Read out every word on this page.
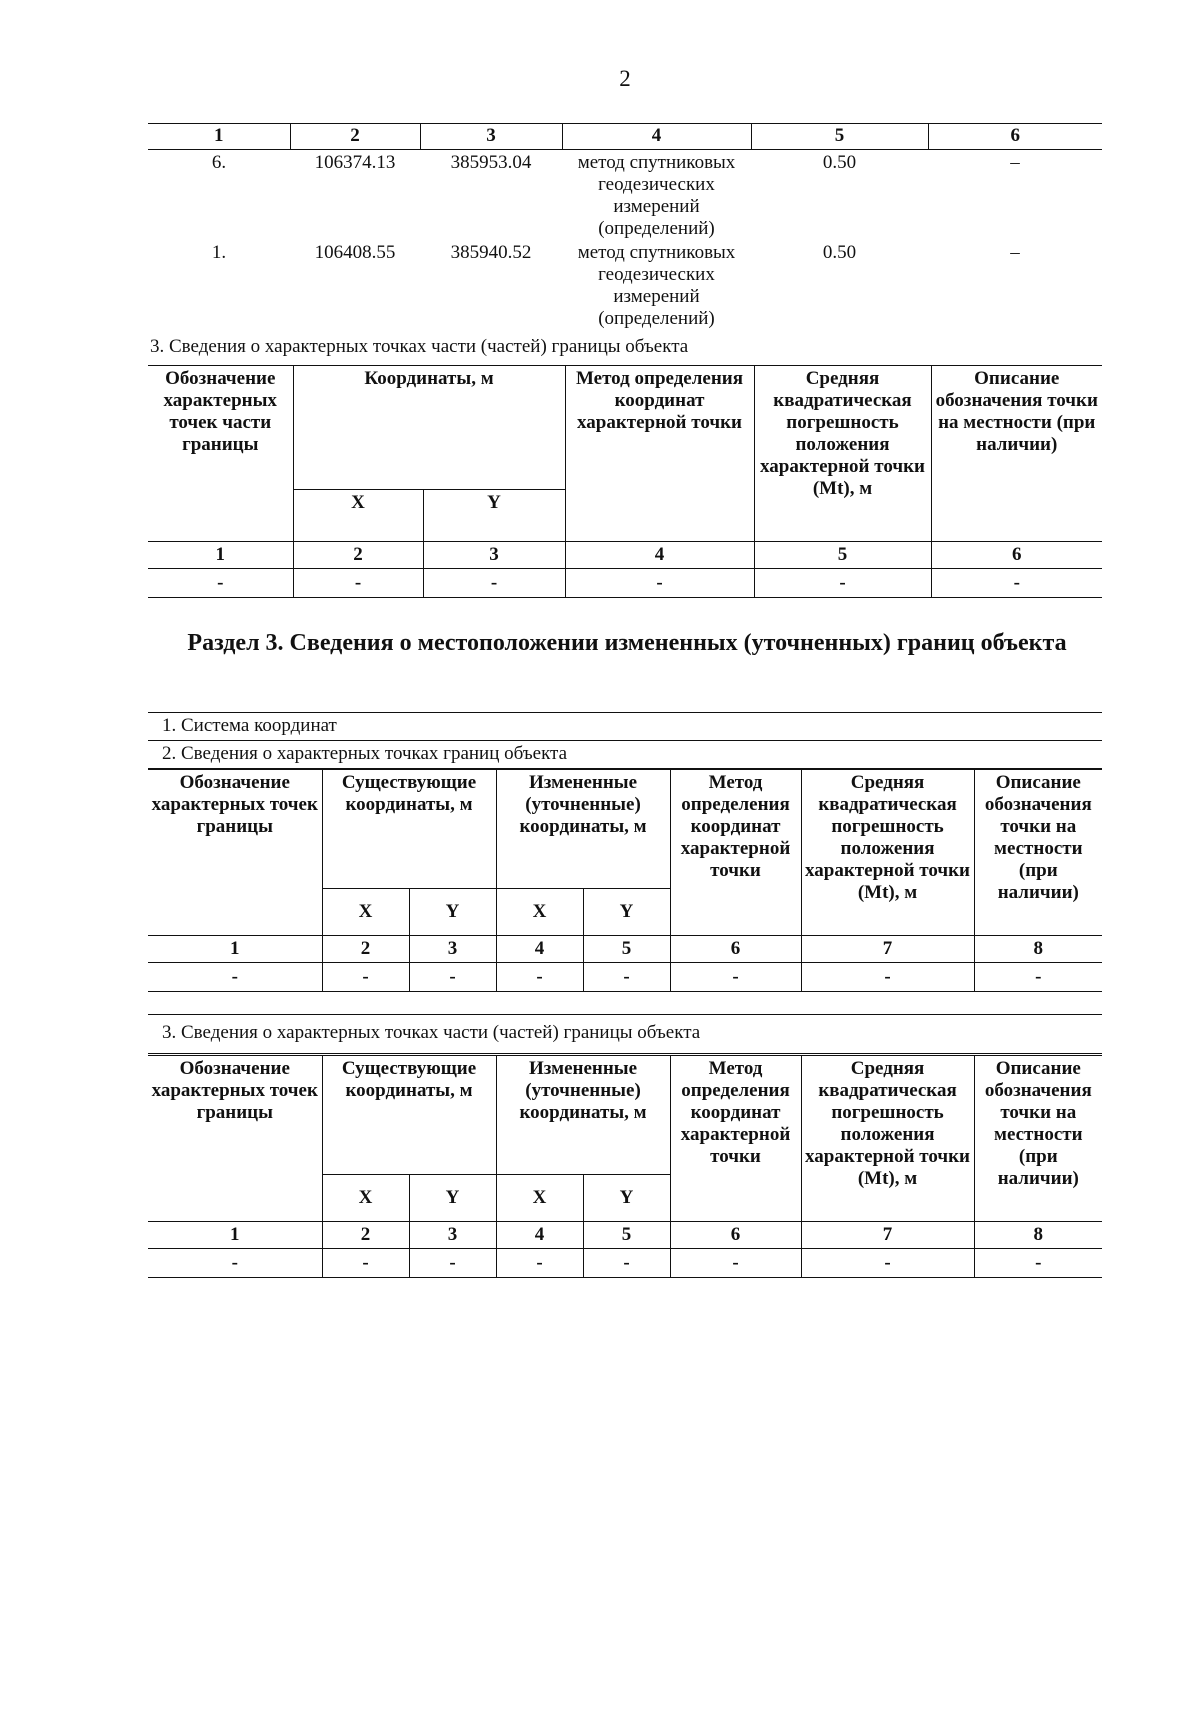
2
1	2	3	4	5	6
6.	106374.13	385953.04	метод спутниковых геодезических измерений (определений)	0.50	–
1.	106408.55	385940.52	метод спутниковых геодезических измерений (определений)	0.50	–
3. Сведения о характерных точках части (частей) границы объекта
Обозначение характерных точек части границы	Координаты, м		Метод определения координат характерной точки	Средняя квадратическая погрешность положения характерной точки (Mt), м	Описание обозначения точки на местности (при наличии)
	X	Y			
1	2	3	4	5	6
-	-	-	-	-	-
Раздел 3. Сведения о местоположении измененных (уточненных) границ объекта
1. Система координат
2. Сведения о характерных точках границ объекта
Обозначение характерных точек границы	Существующие координаты, м		Измененные (уточненные) координаты, м		Метод определения координат характерной точки	Средняя квадратическая погрешность положения характерной точки (Mt), м	Описание обозначения точки на местности (при наличии)
	X	Y	X	Y			
1	2	3	4	5	6	7	8
-	-	-	-	-	-	-	-
3. Сведения о характерных точках части (частей) границы объекта
Обозначение характерных точек границы	Существующие координаты, м		Измененные (уточненные) координаты, м		Метод определения координат характерной точки	Средняя квадратическая погрешность положения характерной точки (Mt), м	Описание обозначения точки на местности (при наличии)
	X	Y	X	Y			
1	2	3	4	5	6	7	8
-	-	-	-	-	-	-	-
